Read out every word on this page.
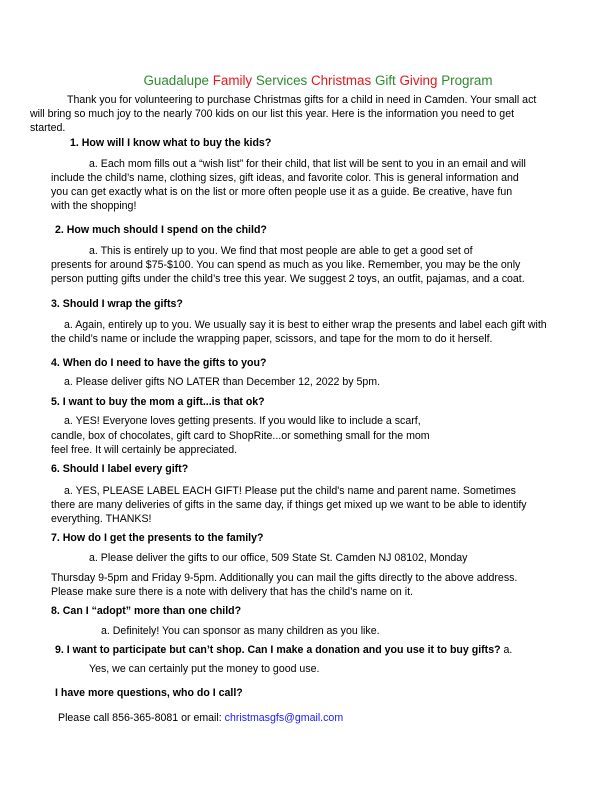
Guadalupe Family Services Christmas Gift Giving Program
Thank you for volunteering to purchase Christmas gifts for a child in need in Camden. Your small act
will bring so much joy to the nearly 700 kids on our list this year. Here is the information you need to get
started.
1. How will I know what to buy the kids?
a. Each mom fills out a “wish list” for their child, that list will be sent to you in an email and will
include the child’s name, clothing sizes, gift ideas, and favorite color. This is general information and
you can get exactly what is on the list or more often people use it as a guide. Be creative, have fun
with the shopping!
2. How much should I spend on the child?
a. This is entirely up to you. We find that most people are able to get a good set of
presents for around $75-$100. You can spend as much as you like. Remember, you may be the only
person putting gifts under the child’s tree this year. We suggest 2 toys, an outfit, pajamas, and a coat.
3. Should I wrap the gifts?
a. Again, entirely up to you. We usually say it is best to either wrap the presents and label each gift with
the child’s name or include the wrapping paper, scissors, and tape for the mom to do it herself.
4. When do I need to have the gifts to you?
a. Please deliver gifts NO LATER than December 12, 2022 by 5pm.
5. I want to buy the mom a gift...is that ok?
a. YES! Everyone loves getting presents. If you would like to include a scarf,
candle, box of chocolates, gift card to ShopRite...or something small for the mom
feel free. It will certainly be appreciated.
6. Should I label every gift?
a. YES, PLEASE LABEL EACH GIFT! Please put the child's name and parent name. Sometimes
there are many deliveries of gifts in the same day, if things get mixed up we want to be able to identify
everything. THANKS!
7. How do I get the presents to the family?
a. Please deliver the gifts to our office, 509 State St. Camden NJ 08102, Monday
Thursday 9-5pm and Friday 9-5pm. Additionally you can mail the gifts directly to the above address.
Please make sure there is a note with delivery that has the child’s name on it.
8. Can I “adopt” more than one child?
a. Definitely! You can sponsor as many children as you like.
9. I want to participate but can’t shop. Can I make a donation and you use it to buy gifts? a.
Yes, we can certainly put the money to good use.
I have more questions, who do I call?
Please call 856-365-8081 or email: christmasgfs@gmail.com
